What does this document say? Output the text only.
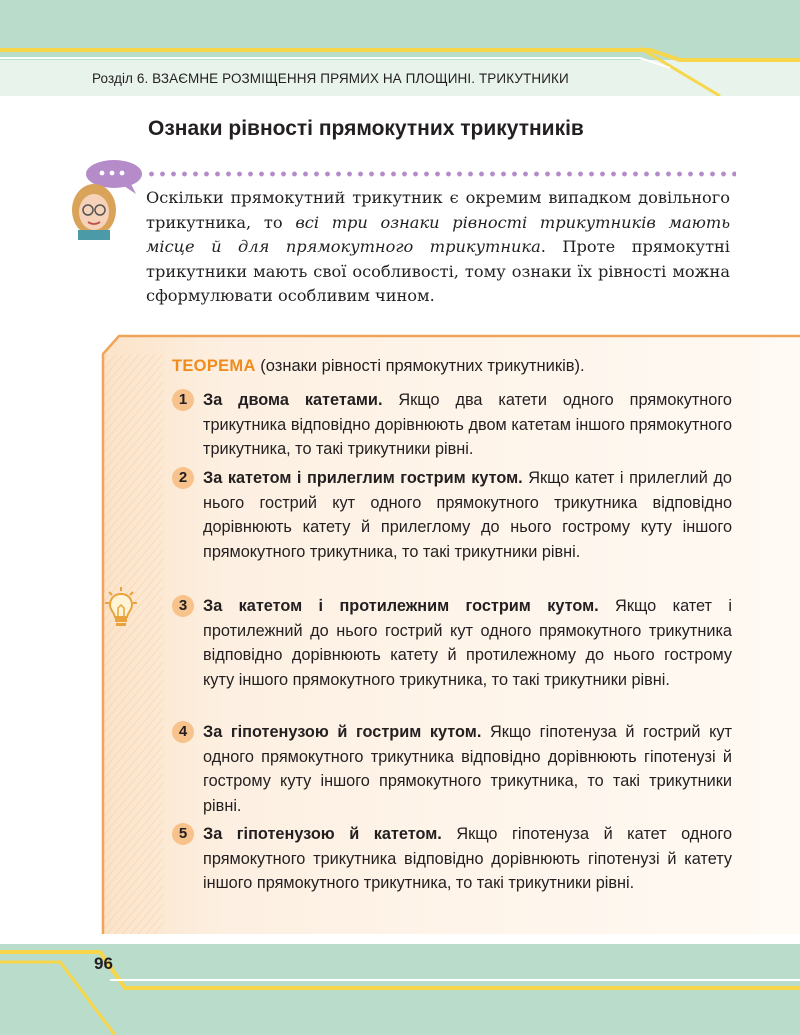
Розділ 6. ВЗАЄМНЕ РОЗМІЩЕННЯ ПРЯМИХ НА ПЛОЩИНІ. ТРИКУТНИКИ
Ознаки рівності прямокутних трикутників
Оскільки прямокутний трикутник є окремим випадком довільного трикутника, то всі три ознаки рівності трикутників мають місце й для прямокутного трикутника. Проте прямокутні трикутники мають свої особливості, тому ознаки їх рівності можна сформулювати особливим чином.
ТЕОРЕМА (ознаки рівності прямокутних трикутників).
1 За двома катетами. Якщо два катети одного прямокутного трикутника відповідно дорівнюють двом катетам іншого прямокутного трикутника, то такі трикутники рівні.
2 За катетом і прилеглим гострим кутом. Якщо катет і прилеглий до нього гострий кут одного прямокутного трикутника відповідно дорівнюють катету й прилеглому до нього гострому куту іншого прямокутного трикутника, то такі трикутники рівні.
3 За катетом і протилежним гострим кутом. Якщо катет і протилежний до нього гострий кут одного прямокутного трикутника відповідно дорівнюють катету й протилежному до нього гострому куту іншого прямокутного трикутника, то такі трикутники рівні.
4 За гіпотенузою й гострим кутом. Якщо гіпотенуза й гострий кут одного прямокутного трикутника відповідно дорівнюють гіпотенузі й гострому куту іншого прямокутного трикутника, то такі трикутники рівні.
5 За гіпотенузою й катетом. Якщо гіпотенуза й катет одного прямокутного трикутника відповідно дорівнюють гіпотенузі й катету іншого прямокутного трикутника, то такі трикутники рівні.
96
